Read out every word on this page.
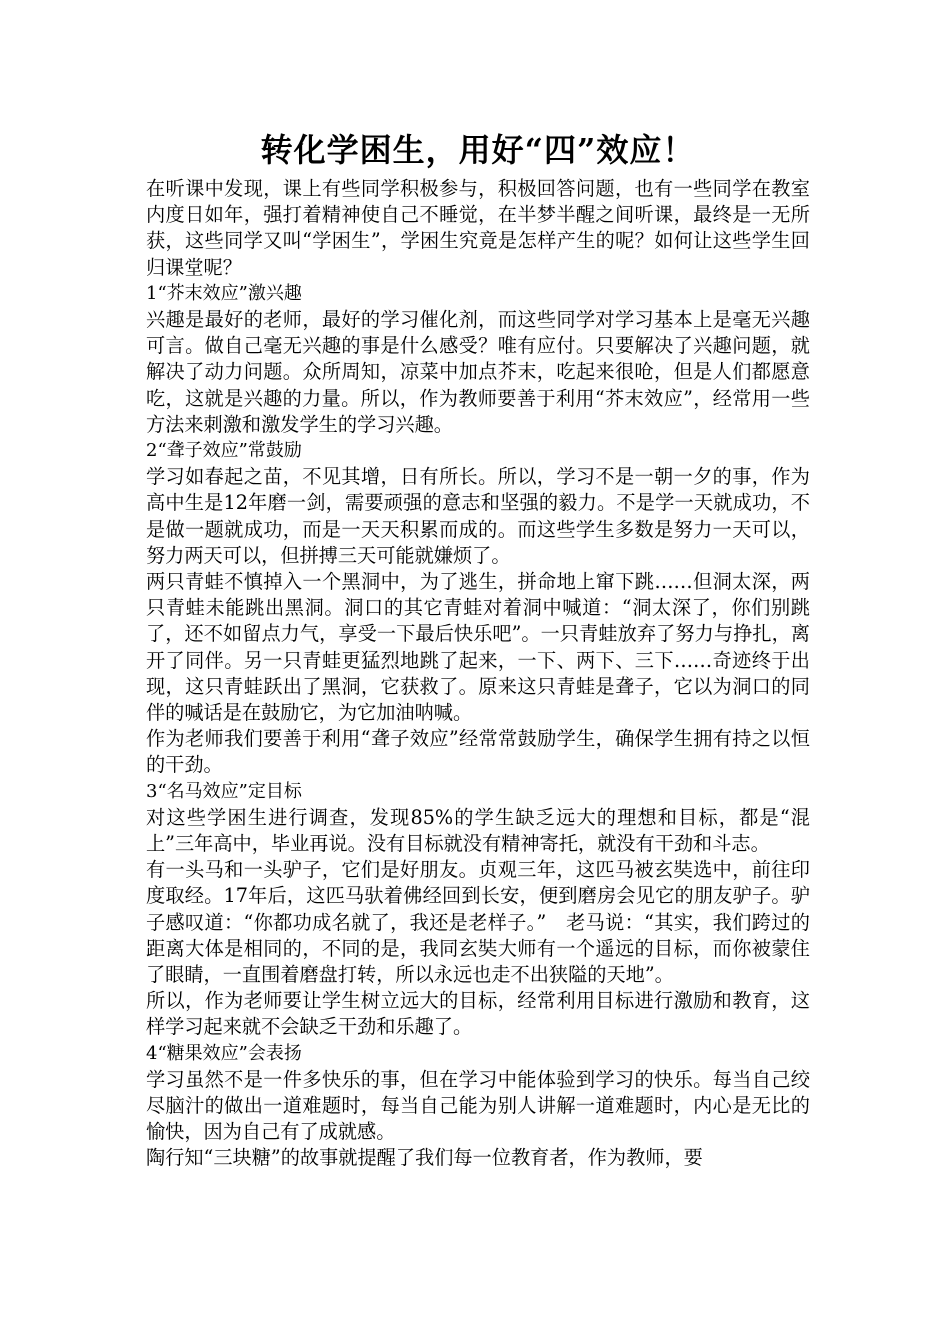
转化学困生，用好“四”效应！

在听课中发现，课上有些同学积极参与，积极回答问题，也有一些同学在教室内度日如年，强打着精神使自己不睡觉，在半梦半醒之间听课，最终是一无所获，这些同学又叫“学困生”，学困生究竟是怎样产生的呢？如何让这些学生回归课堂呢？

1“芥末效应”激兴趣

兴趣是最好的老师，最好的学习催化剂，而这些同学对学习基本上是毫无兴趣可言。做自己毫无兴趣的事是什么感受？唯有应付。只要解决了兴趣问题，就解决了动力问题。众所周知，凉菜中加点芥末，吃起来很呛，但是人们都愿意吃，这就是兴趣的力量。所以，作为教师要善于利用“芥末效应”，经常用一些方法来刺激和激发学生的学习兴趣。

2“聋子效应”常鼓励

学习如春起之苗，不见其增，日有所长。所以，学习不是一朝一夕的事，作为高中生是12年磨一剑，需要顽强的意志和坚强的毅力。不是学一天就成功，不是做一题就成功，而是一天天积累而成的。而这些学生多数是努力一天可以，努力两天可以，但拼搏三天可能就嫌烦了。

两只青蛙不慎掉入一个黑洞中，为了逃生，拼命地上窜下跳……但洞太深，两只青蛙未能跳出黑洞。洞口的其它青蛙对着洞中喊道：“洞太深了，你们别跳了，还不如留点力气，享受一下最后快乐吧”。一只青蛙放弃了努力与挣扎，离开了同伴。另一只青蛙更猛烈地跳了起来，一下、两下、三下……奇迹终于出现，这只青蛙跃出了黑洞，它获救了。原来这只青蛙是聋子，它以为洞口的同伴的喊话是在鼓励它，为它加油呐喊。

作为老师我们要善于利用“聋子效应”经常常鼓励学生，确保学生拥有持之以恒的干劲。

3“名马效应”定目标

对这些学困生进行调查，发现85%的学生缺乏远大的理想和目标，都是“混上”三年高中，毕业再说。没有目标就没有精神寄托，就没有干劲和斗志。

有一头马和一头驴子，它们是好朋友。贞观三年，这匹马被玄奘选中，前往印度取经。17年后，这匹马驮着佛经回到长安，便到磨房会见它的朋友驴子。驴子感叹道：“你都功成名就了，我还是老样子。”　老马说：“其实，我们跨过的距离大体是相同的，不同的是，我同玄奘大师有一个遥远的目标，而你被蒙住了眼睛，一直围着磨盘打转，所以永远也走不出狭隘的天地”。

所以，作为老师要让学生树立远大的目标，经常利用目标进行激励和教育，这样学习起来就不会缺乏干劲和乐趣了。

4“糖果效应”会表扬

学习虽然不是一件多快乐的事，但在学习中能体验到学习的快乐。每当自己绞尽脑汁的做出一道难题时，每当自己能为别人讲解一道难题时，内心是无比的愉快，因为自己有了成就感。

陶行知“三块糖”的故事就提醒了我们每一位教育者，作为教师，要
